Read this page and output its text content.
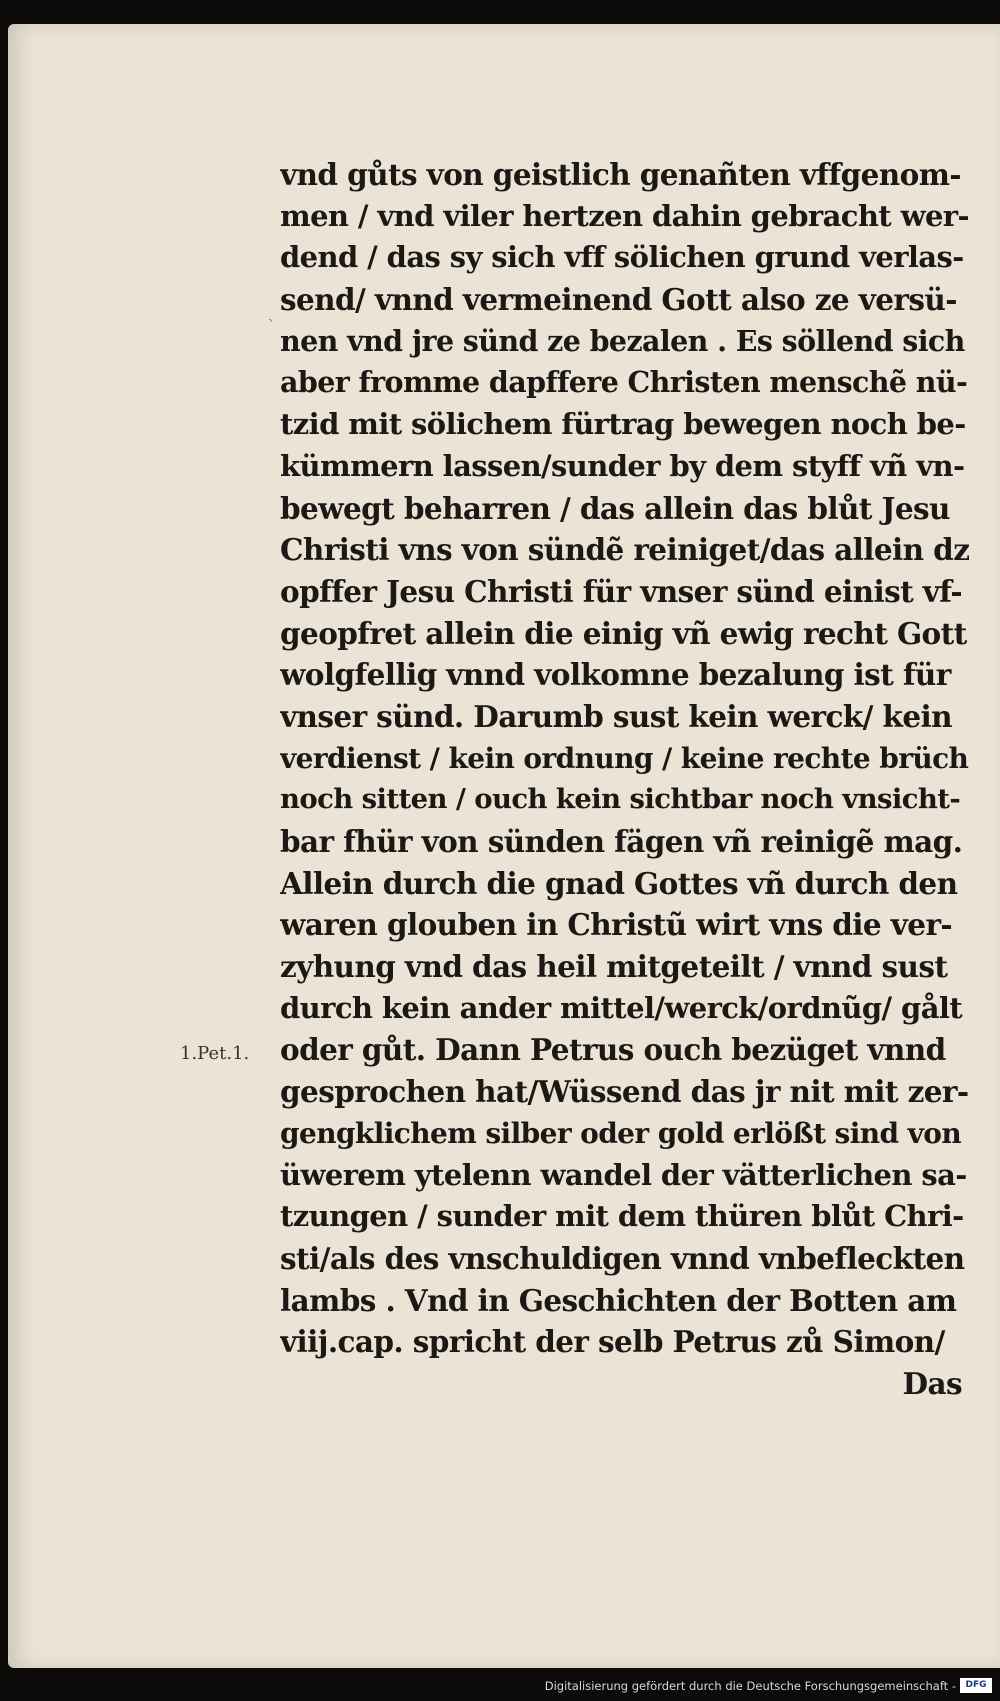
`
vnd gůts von geistlich genañten vffgenom-
men / vnd viler hertzen dahin gebracht wer-
dend / das sy sich vff sölichen grund verlas-
send/ vnnd vermeinend Gott also ze versü-
nen vnd jre sünd ze bezalen . Es söllend sich
aber fromme dapffere Christen menschẽ nü-
tzid mit sölichem fürtrag bewegen noch be-
kümmern lassen/sunder by dem styff vñ vn-
bewegt beharren / das allein das blůt Jesu
Christi vns von sündẽ reiniget/das allein dz
opffer Jesu Christi für vnser sünd einist vf-
geopfret allein die einig vñ ewig recht Gott
wolgfellig vnnd volkomne bezalung ist für
vnser sünd. Darumb sust kein werck/ kein
verdienst / kein ordnung / keine rechte brüch
noch sitten / ouch kein sichtbar noch vnsicht-
bar fhür von sünden fägen vñ reinigẽ mag.
Allein durch die gnad Gottes vñ durch den
waren glouben in Christũ wirt vns die ver-
zyhung vnd das heil mitgeteilt / vnnd sust
durch kein ander mittel/werck/ordnũg/ gålt
oder gůt. Dann Petrus ouch bezüget vnnd
gesprochen hat/Wüssend das jr nit mit zer-
gengklichem silber oder gold erlößt sind von
üwerem ytelenn wandel der vätterlichen sa-
tzungen / sunder mit dem thüren blůt Chri-
sti/als des vnschuldigen vnnd vnbefleckten
lambs . Vnd in Geschichten der Botten am
viij.cap. spricht der selb Petrus zů Simon/
Das
1.Pet.1.
Digitalisierung gefördert durch die Deutsche Forschungsgemeinschaft -	DFG
